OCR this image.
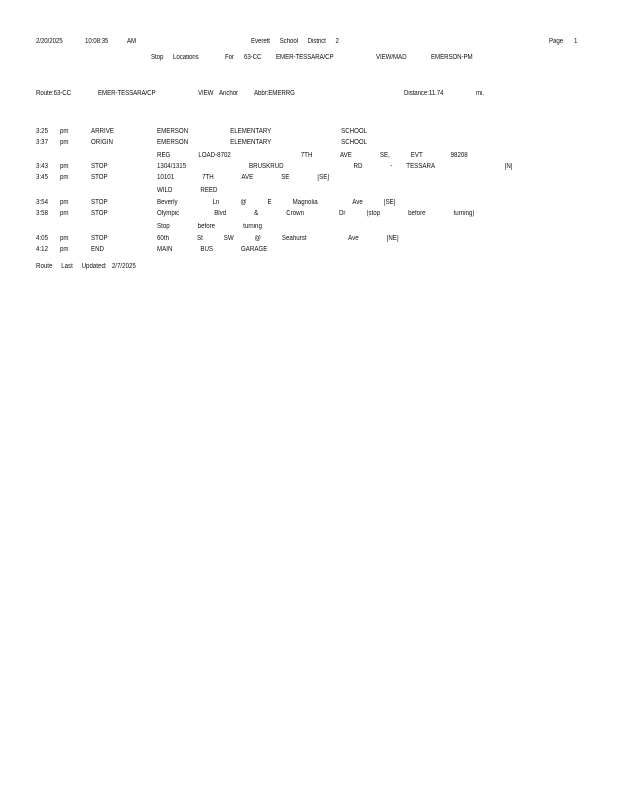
2/20/2025	10:08:35	AM	Everett      School      District      2	Page 1
Stop      Locations	For 63-CC EMER-TESSARA/CP	VIEW/MAD	EMERSON-PM
Route:63-CC	EMER-TESSARA/CP	VIEW Anchor Abbr:EMERRG	Distance:11.74	mi.
3:25 pm	ARRIVE	EMERSON      ELEMENTARY          SCHOOL
3:37 pm	ORIGIN	EMERSON      ELEMENTARY          SCHOOL
REG    LOAD-8702          7TH    AVE    SE,   EVT    98208
3:43 pm	STOP	1304/1315         BRUSKRUD          RD    -  TESSARA          [N]
3:45 pm	STOP	10101    7TH    AVE    SE    [SE]
WILD    REED
3:54 pm	STOP	Beverly     Ln   @   E   Magnolia     Ave   [SE]
3:58 pm	STOP	Olympic     Blvd    &    Crown     Dr   (stop    before    turning)
Stop    before    turning
4:05 pm	STOP	60th    St   SW   @   Seahurst      Ave    [NE]
4:12 pm	END	MAIN    BUS    GARAGE
Route Last Updated: 2/7/2025
